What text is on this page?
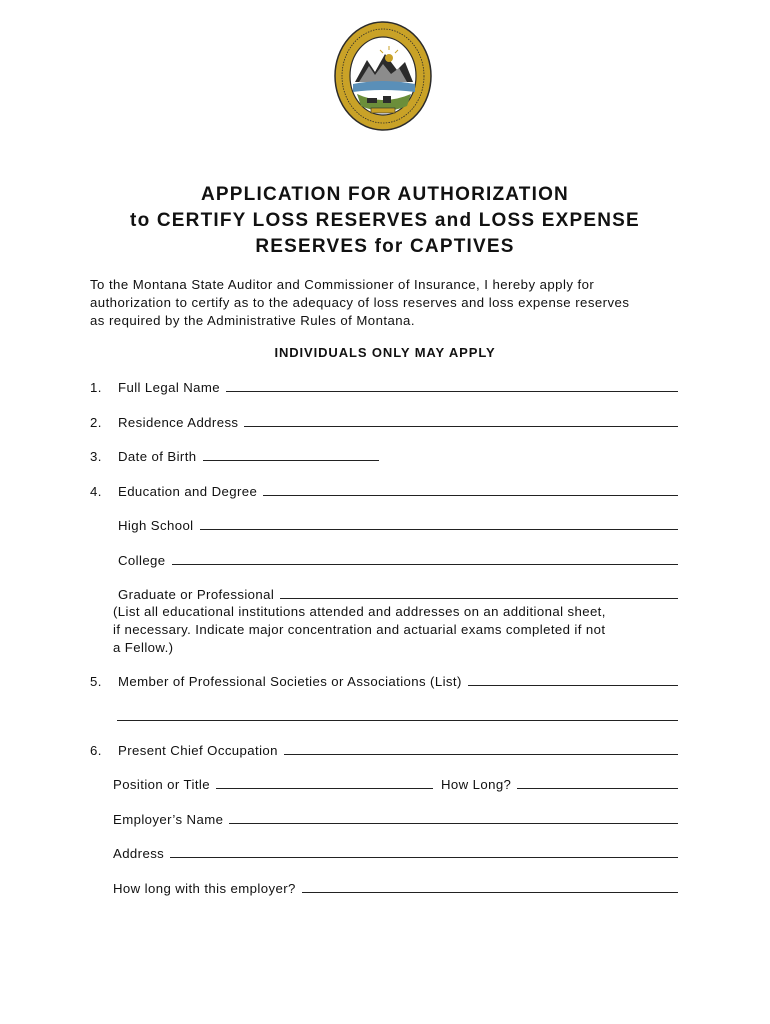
APPLICATION FOR AUTHORIZATION
to CERTIFY LOSS RESERVES and LOSS EXPENSE
RESERVES for CAPTIVES
To the Montana State Auditor and Commissioner of Insurance, I hereby apply for
authorization to certify as to the adequacy of loss reserves and loss expense reserves
as required by the Administrative Rules of Montana.
INDIVIDUALS ONLY MAY APPLY
1.	Full Legal Name
2.	Residence Address
3.	Date of Birth
4.	Education and Degree
High School
College
Graduate or Professional
(List all educational institutions attended and addresses on an additional sheet,
if necessary. Indicate major concentration and actuarial exams completed if not
a Fellow.)
5.	Member of Professional Societies or Associations (List)
6.	Present Chief Occupation
Position or Title	How Long?
Employer’s Name
Address
How long with this employer?
